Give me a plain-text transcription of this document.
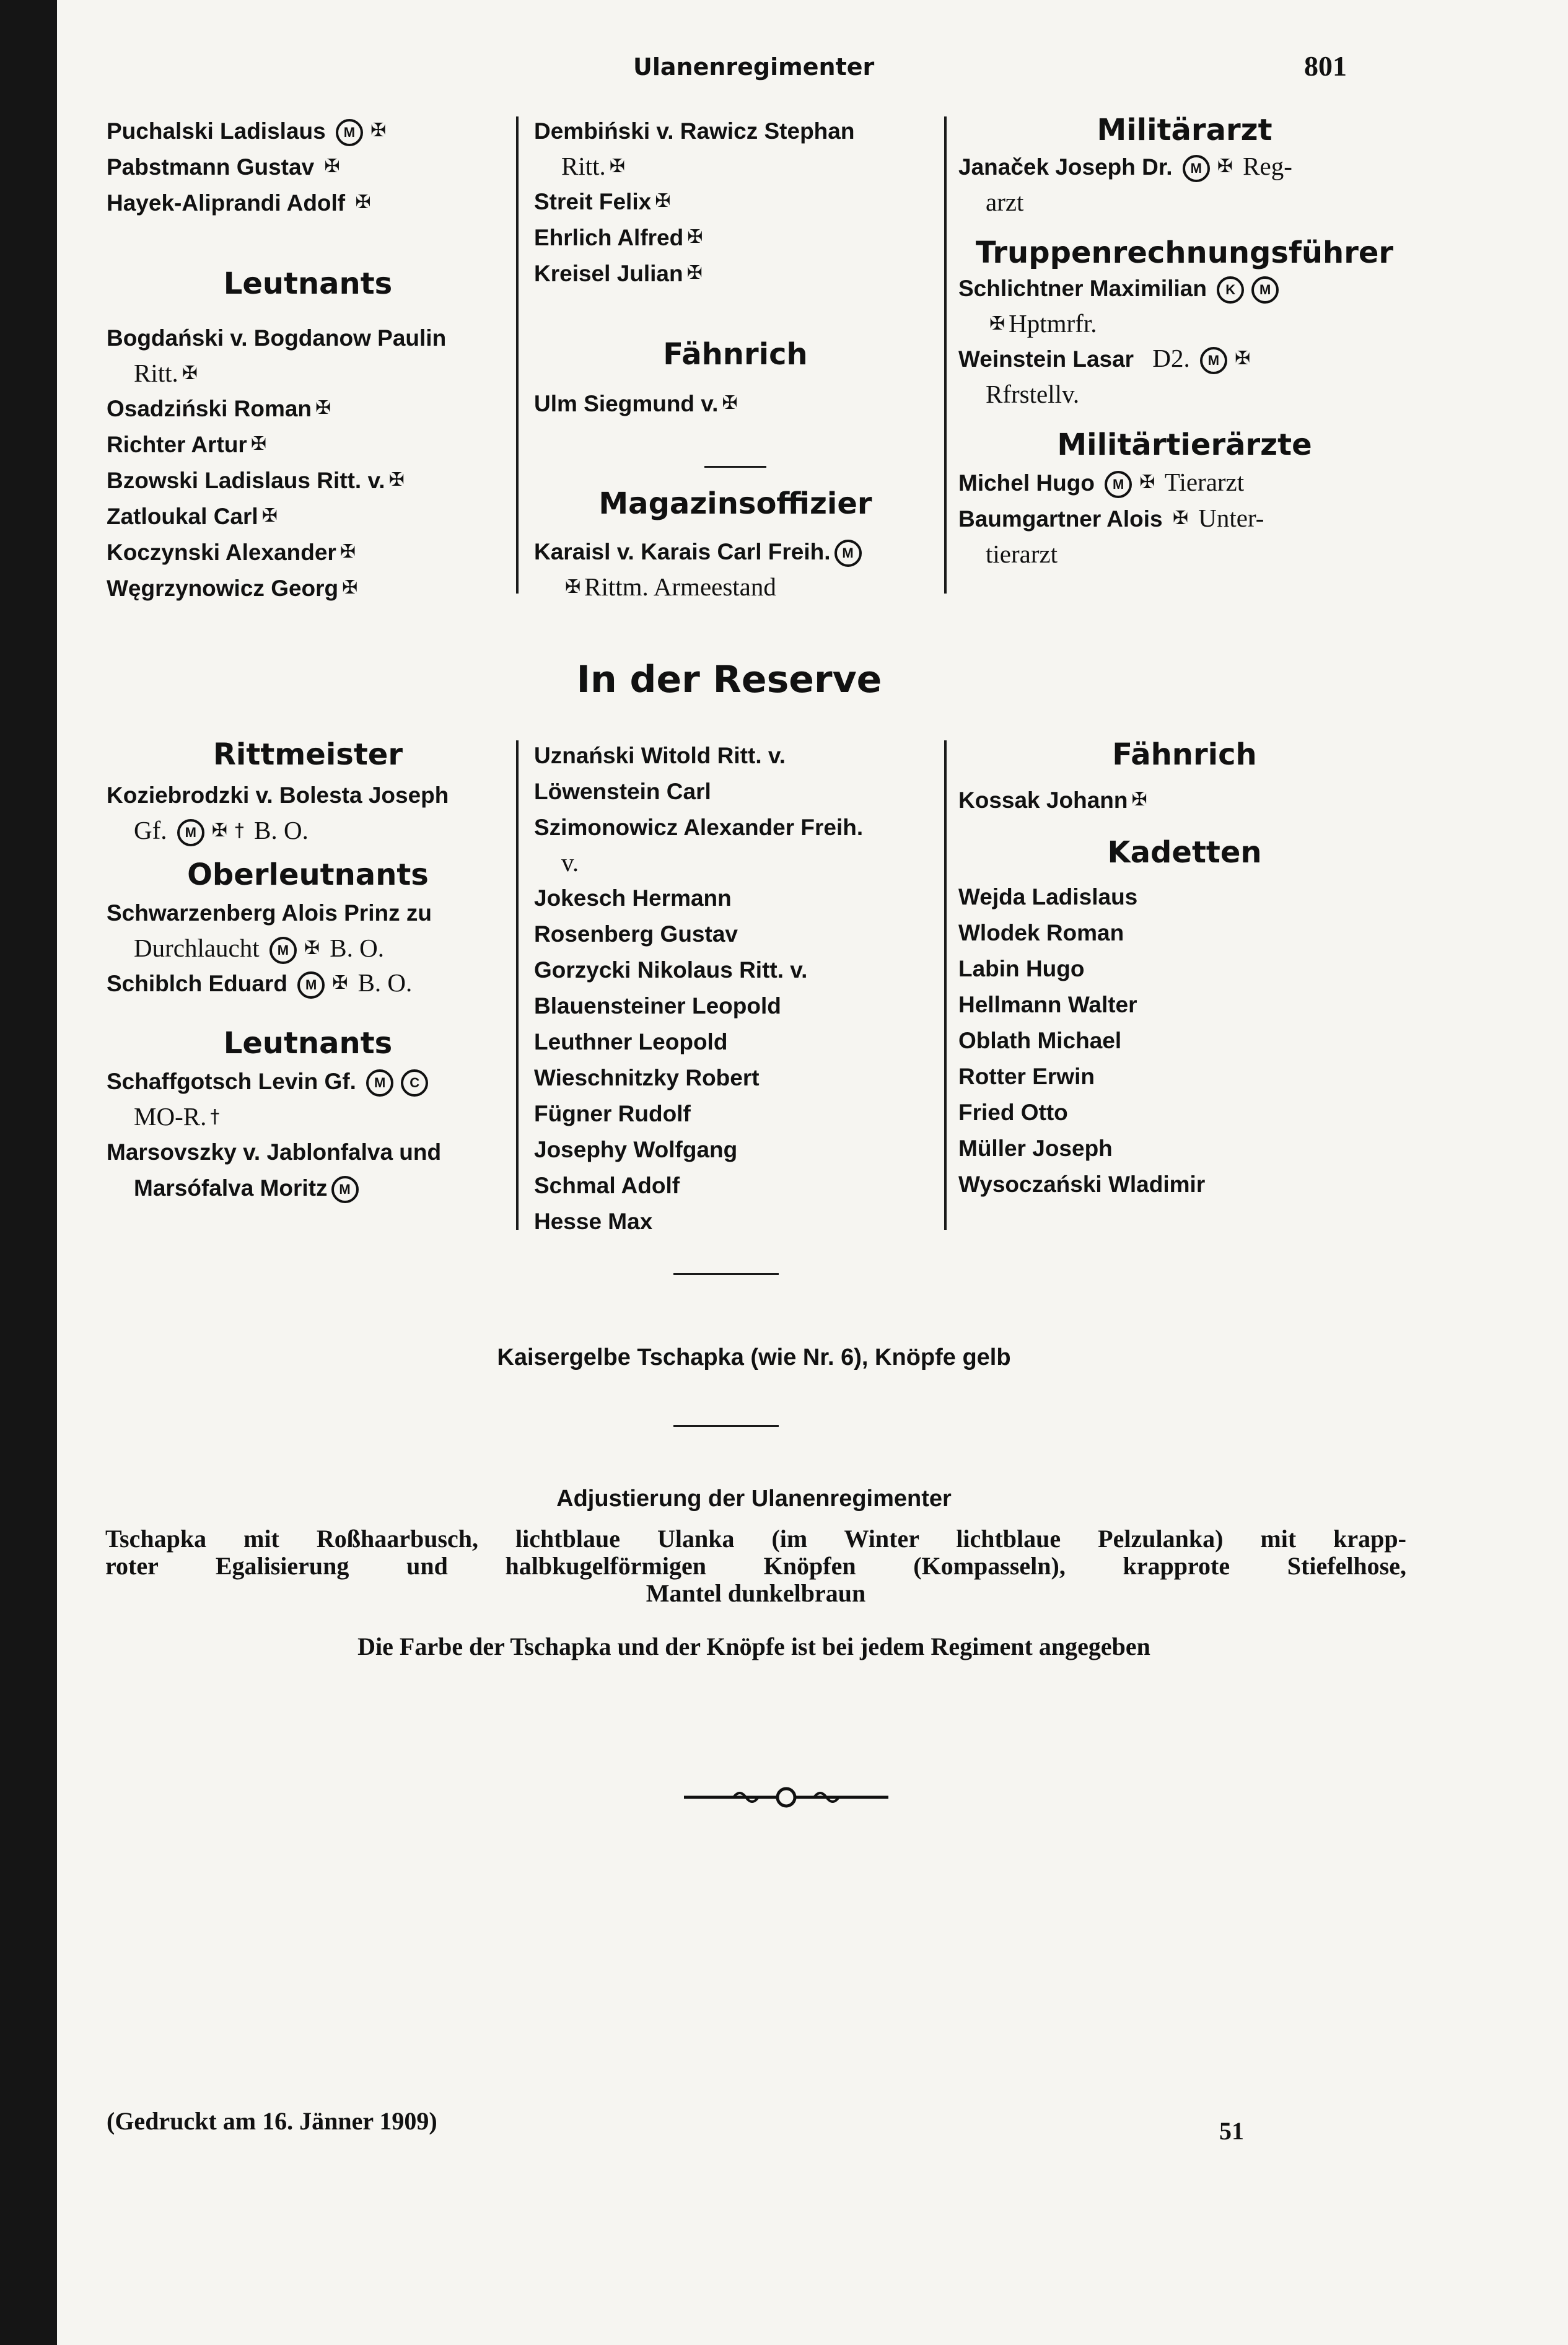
Ulanenregimenter	801
Puchalski Ladislaus M ✠
Pabstmann Gustav ✠
Hayek-Aliprandi Adolf ✠
Leutnants
Bogdański v. Bogdanow Paulin
Ritt. ✠
Osadziński Roman ✠
Richter Artur ✠
Bzowski Ladislaus Ritt. v. ✠
Zatloukal Carl ✠
Koczynski Alexander ✠
Węgrzynowicz Georg ✠
Dembiński v. Rawicz Stephan
Ritt. ✠
Streit Felix ✠
Ehrlich Alfred ✠
Kreisel Julian ✠
Fähnrich
Ulm Siegmund v. ✠
Magazinsoffizier
Karaisl v. Karais Carl Freih. M
✠ Rittm. Armeestand
Militärarzt
Janaček Joseph Dr. M ✠ Reg-
arzt
Truppenrechnungsführer
Schlichtner Maximilian K M
✠ Hptmrfr.
Weinstein Lasar D2. M ✠
Rfrstellv.
Militärtierärzte
Michel Hugo M ✠ Tierarzt
Baumgartner Alois ✠ Unter-
tierarzt
In der Reserve
Rittmeister
Koziebrodzki v. Bolesta Joseph
Gf. M ✠ † B. O.
Oberleutnants
Schwarzenberg Alois Prinz zu
Durchlaucht M ✠ B. O.
Schiblch Eduard M ✠ B. O.
Leutnants
Schaffgotsch Levin Gf. M C
MO-R. †
Marsovszky v. Jablonfalva und
Marsófalva Moritz M
Uznański Witold Ritt. v.
Löwenstein Carl
Szimonowicz Alexander Freih.
v.
Jokesch Hermann
Rosenberg Gustav
Gorzycki Nikolaus Ritt. v.
Blauensteiner Leopold
Leuthner Leopold
Wieschnitzky Robert
Fügner Rudolf
Josephy Wolfgang
Schmal Adolf
Hesse Max
Fähnrich
Kossak Johann ✠
Kadetten
Wejda Ladislaus
Wlodek Roman
Labin Hugo
Hellmann Walter
Oblath Michael
Rotter Erwin
Fried Otto
Müller Joseph
Wysoczański Wladimir
Kaisergelbe Tschapka (wie Nr. 6), Knöpfe gelb
Adjustierung der Ulanenregimenter
Tschapka mit Roßhaarbusch, lichtblaue Ulanka (im Winter lichtblaue Pelzulanka) mit krapp-
roter Egalisierung und halbkugelförmigen Knöpfen (Kompasseln), krapprote Stiefelhose,
Mantel dunkelbraun
Die Farbe der Tschapka und der Knöpfe ist bei jedem Regiment angegeben
(Gedruckt am 16. Jänner 1909)	51
